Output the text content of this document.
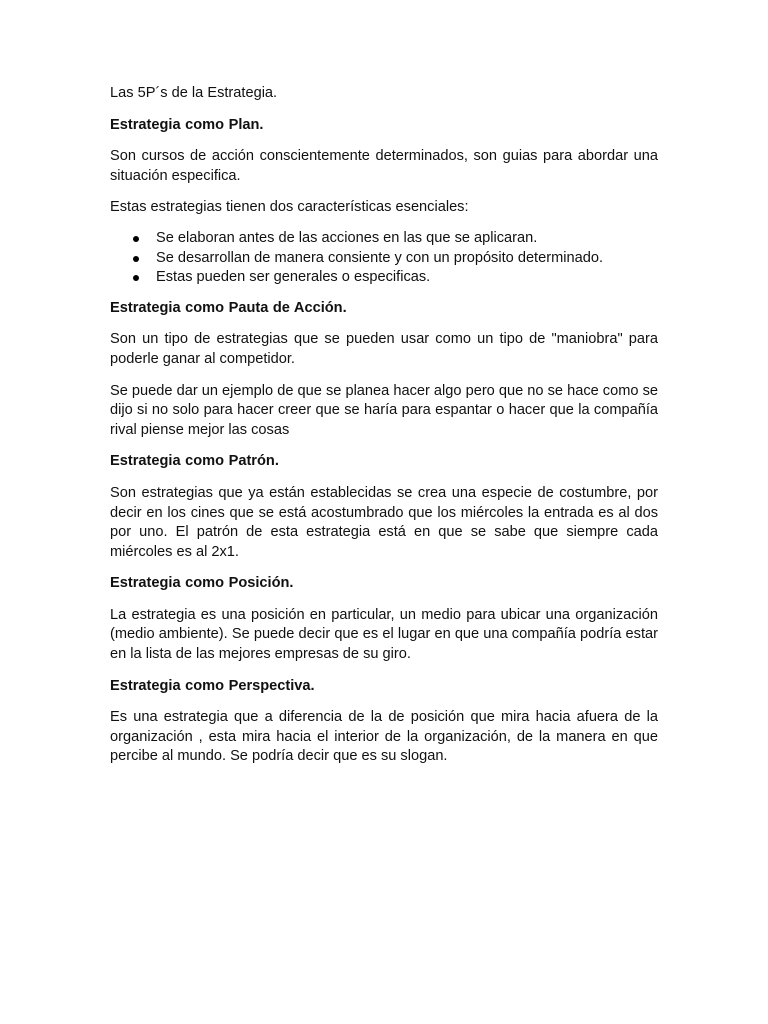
Las 5P´s de la Estrategia.

Estrategia como Plan.

Son cursos de acción conscientemente determinados, son guias para abordar una situación especifica.

Estas estrategias tienen dos características esenciales:

Se elaboran antes de las acciones en las que se aplicaran.
Se desarrollan de manera consiente y con un propósito determinado.
Estas pueden ser generales o especificas.

Estrategia como Pauta de Acción.

Son un tipo de estrategias que se pueden usar como un tipo de "maniobra" para poderle ganar al competidor.

Se puede dar un ejemplo de que se planea hacer algo pero que no se hace como se dijo si no solo para hacer creer que se haría para espantar o hacer que la compañía rival piense mejor las cosas

Estrategia como Patrón.

Son estrategias que ya están establecidas se crea una especie de costumbre, por decir en los cines que se está acostumbrado que los miércoles la entrada es al dos por uno. El patrón de esta estrategia está en que se sabe que siempre cada miércoles es al 2x1.

Estrategia como Posición.

La estrategia es una posición en particular, un medio para ubicar una organización (medio ambiente). Se puede decir que es el lugar en que una compañía podría estar en la lista de las mejores empresas de su giro.

Estrategia como Perspectiva.

Es una estrategia que a diferencia de la de posición que mira hacia afuera de la organización , esta mira hacia el interior de la organización, de la manera en que percibe al mundo. Se podría decir que es su slogan.
